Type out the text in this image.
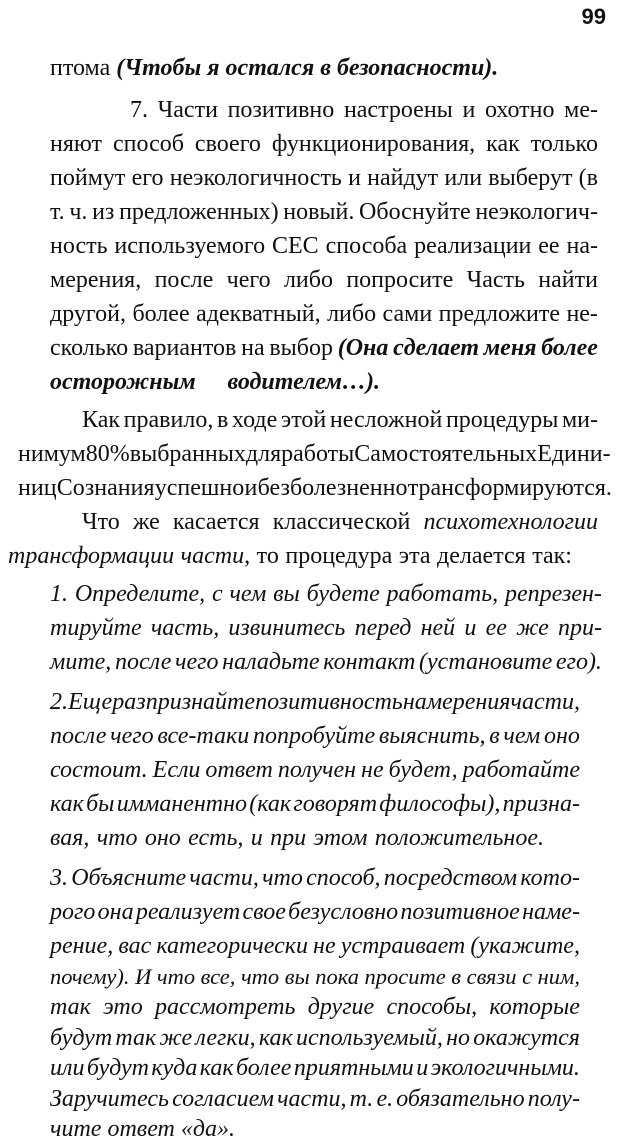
99
птома (Чтобы я остался в безопасности).
7. Части позитивно настроены и охотно ме-
няют способ своего функционирования, как только
поймут его неэкологичность и найдут или выберут (в
т. ч. из предложенных) новый. Обоснуйте неэкологич-
ность используемого СЕС способа реализации ее на-
мерения, после чего либо попросите Часть найти
другой, более адекватный, либо сами предложите не-
сколько вариантов на выбор (Она сделает меня более
осторожным водителем…).
Как правило, в ходе этой несложной процедуры ми-
нимум 80% выбранных для работы Самостоятельных Едини-
ниц Сознания успешно и безболезненно трансформируются.
Что же касается классической психотехнологии
трансформации части, то процедура эта делается так:
1. Определите, с чем вы будете работать, репрезен-
тируйте часть, извинитесь перед ней и ее же при-
мите, после чего наладьте контакт (установите его).
2. Еще раз признайте позитивность намерения части,
после чего все-таки попробуйте выяснить, в чем оно
состоит. Если ответ получен не будет, работайте
как бы имманентно (как говорят философы), призна-
вая, что оно есть, и при этом положительное.
3. Объясните части, что способ, посредством кото-
рого она реализует свое безусловно позитивное наме-
рение, вас категорически не устраивает (укажите,
почему). И что все, что вы пока просите в связи с ним,
так это рассмотреть другие способы, которые
будут так же легки, как используемый, но окажутся
или будут куда как более приятными и экологичными.
Заручитесь согласием части, т. е. обязательно полу-
чите ответ «да».
